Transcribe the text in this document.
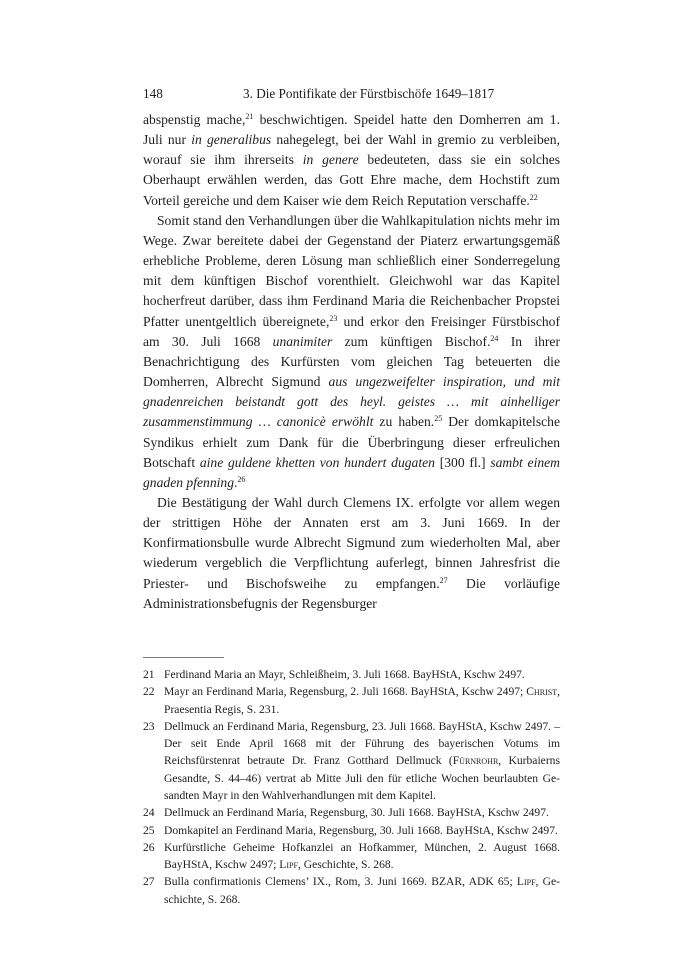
148	3. Die Pontifikate der Fürstbischöfe 1649–1817

abspenstig mache,$^{21}$ beschwichtigen. Speidel hatte den Domherren am 1. Juli nur in generalibus nahegelegt, bei der Wahl in gremio zu verbleiben, worauf sie ihm ihrerseits in genere bedeuteten, dass sie ein solches Oberhaupt erwählen werden, das Gott Ehre mache, dem Hochstift zum Vorteil gereiche und dem Kaiser wie dem Reich Reputation verschaffe.$^{22}$

Somit stand den Verhandlungen über die Wahlkapitulation nichts mehr im Wege. Zwar bereitete dabei der Gegenstand der Piaterz erwartungsgemäß erhebliche Probleme, deren Lösung man schließlich einer Sonderregelung mit dem künftigen Bischof vorenthielt. Gleichwohl war das Kapitel hocherfreut darüber, dass ihm Ferdinand Maria die Reichenbacher Propstei Pfatter unentgeltlich übereignete,$^{23}$ und erkor den Freisinger Fürstbischof am 30. Juli 1668 unanimiter zum künftigen Bischof.$^{24}$ In ihrer Benachrichtigung des Kurfürsten vom gleichen Tag beteuerten die Domherren, Albrecht Sigmund aus ungezweifelter inspiration, und mit gnadenreichen beistandt gott des heyl. geistes … mit ainhelliger zusammenstimmung … canonicè erwöhlt zu haben.$^{25}$ Der domkapitelsche Syndikus erhielt zum Dank für die Überbringung dieser erfreulichen Botschaft aine guldene khetten von hundert dugaten [300 fl.] sambt einem gnaden pfenning.$^{26}$

Die Bestätigung der Wahl durch Clemens IX. erfolgte vor allem wegen der strittigen Höhe der Annaten erst am 3. Juni 1669. In der Konfirmationsbulle wurde Albrecht Sigmund zum wiederholten Mal, aber wiederum vergeblich die Verpflichtung auferlegt, binnen Jahresfrist die Priester- und Bischofsweihe zu empfangen.$^{27}$ Die vorläufige Administrationsbefugnis der Regensburger

21 Ferdinand Maria an Mayr, Schleißheim, 3. Juli 1668. BayHStA, Kschw 2497.
22 Mayr an Ferdinand Maria, Regensburg, 2. Juli 1668. BayHStA, Kschw 2497; Christ, Praesentia Regis, S. 231.
23 Dellmuck an Ferdinand Maria, Regensburg, 23. Juli 1668. BayHStA, Kschw 2497. – Der seit Ende April 1668 mit der Führung des bayerischen Votums im Reichsfürstenrat betraute Dr. Franz Gotthard Dellmuck (Fürnrohr, Kurbaierns Gesandte, S. 44–46) vertrat ab Mitte Juli den für etliche Wochen beurlaubten Gesandten Mayr in den Wahlverhandlungen mit dem Kapitel.
24 Dellmuck an Ferdinand Maria, Regensburg, 30. Juli 1668. BayHStA, Kschw 2497.
25 Domkapitel an Ferdinand Maria, Regensburg, 30. Juli 1668. BayHStA, Kschw 2497.
26 Kurfürstliche Geheime Hofkanzlei an Hofkammer, München, 2. August 1668. BayHStA, Kschw 2497; Lipf, Geschichte, S. 268.
27 Bulla confirmationis Clemens’ IX., Rom, 3. Juni 1669. BZAR, ADK 65; Lipf, Geschichte, S. 268.
